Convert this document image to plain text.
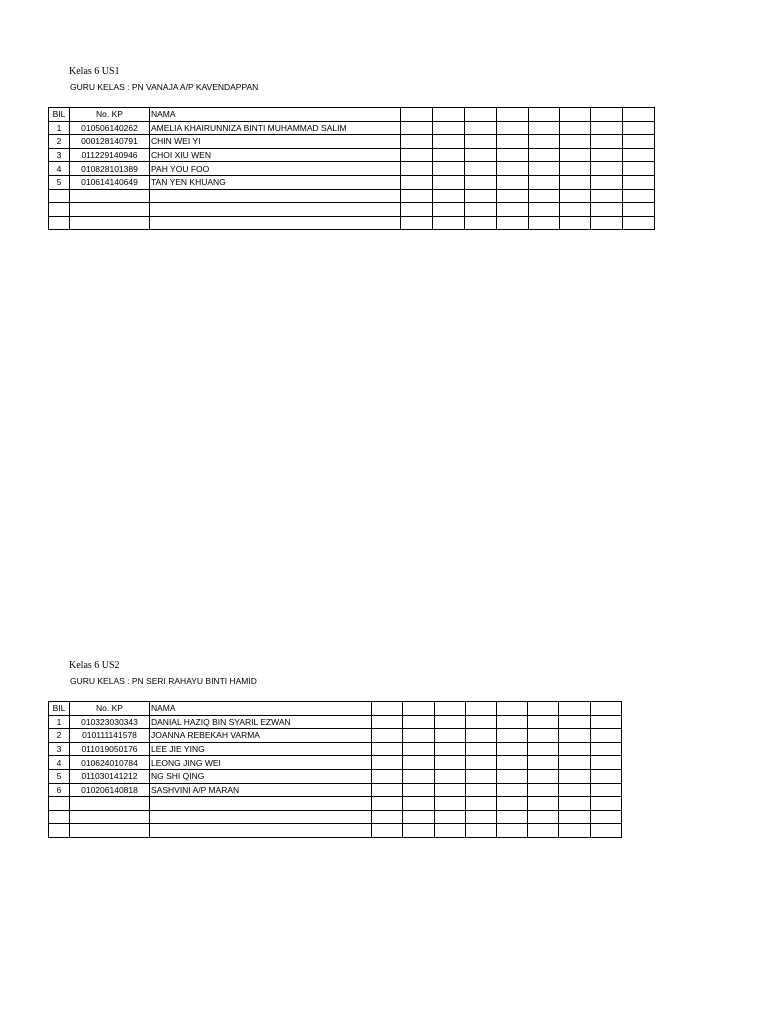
Kelas 6 US1
GURU KELAS : PN VANAJA A/P KAVENDAPPAN
BIL	No. KP	NAMA								
1	010506140262	AMELIA KHAIRUNNIZA BINTI MUHAMMAD SALIM								
2	000128140791	CHIN WEI YI								
3	011229140946	CHOI XIU WEN								
4	010828101389	PAH YOU FOO								
5	010614140649	TAN YEN KHUANG								

Kelas 6 US2
GURU KELAS : PN SERI RAHAYU BINTI HAMID
BIL	No. KP	NAMA								
1	010323030343	DANIAL HAZIQ BIN SYARIL EZWAN								
2	010111141578	JOANNA REBEKAH VARMA								
3	011019050176	LEE JIE YING								
4	010624010784	LEONG JING WEI								
5	011030141212	NG SHI QING								
6	010206140818	SASHVINI A/P MARAN								
